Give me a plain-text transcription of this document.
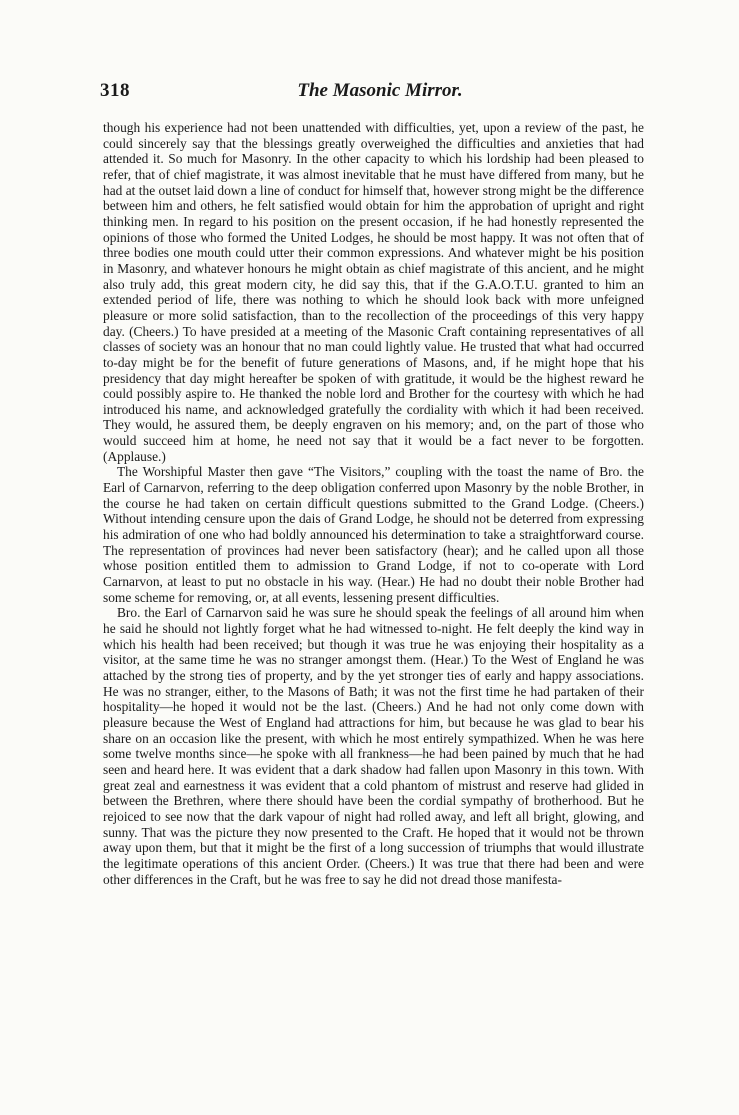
318	The Masonic Mirror.

though his experience had not been unattended with difficulties, yet, upon a review of the past, he could sincerely say that the blessings greatly overweighed the difficulties and anxieties that had attended it. So much for Masonry. In the other capacity to which his lordship had been pleased to refer, that of chief magistrate, it was almost inevitable that he must have differed from many, but he had at the outset laid down a line of conduct for himself that, however strong might be the difference between him and others, he felt satisfied would obtain for him the approbation of upright and right thinking men. In regard to his position on the present occasion, if he had honestly represented the opinions of those who formed the United Lodges, he should be most happy. It was not often that of three bodies one mouth could utter their common expressions. And whatever might be his position in Masonry, and whatever honours he might obtain as chief magistrate of this ancient, and he might also truly add, this great modern city, he did say this, that if the G.A.O.T.U. granted to him an extended period of life, there was nothing to which he should look back with more unfeigned pleasure or more solid satisfaction, than to the recollection of the proceedings of this very happy day. (Cheers.) To have presided at a meeting of the Masonic Craft containing representatives of all classes of society was an honour that no man could lightly value. He trusted that what had occurred to-day might be for the benefit of future generations of Masons, and, if he might hope that his presidency that day might hereafter be spoken of with gratitude, it would be the highest reward he could possibly aspire to. He thanked the noble lord and Brother for the courtesy with which he had introduced his name, and acknowledged gratefully the cordiality with which it had been received. They would, he assured them, be deeply engraven on his memory; and, on the part of those who would succeed him at home, he need not say that it would be a fact never to be forgotten. (Applause.)

The Worshipful Master then gave “The Visitors,” coupling with the toast the name of Bro. the Earl of Carnarvon, referring to the deep obligation conferred upon Masonry by the noble Brother, in the course he had taken on certain difficult questions submitted to the Grand Lodge. (Cheers.) Without intending censure upon the dais of Grand Lodge, he should not be deterred from expressing his admiration of one who had boldly announced his determination to take a straightforward course. The representation of provinces had never been satisfactory (hear); and he called upon all those whose position entitled them to admission to Grand Lodge, if not to co-operate with Lord Carnarvon, at least to put no obstacle in his way. (Hear.) He had no doubt their noble Brother had some scheme for removing, or, at all events, lessening present difficulties.

Bro. the Earl of Carnarvon said he was sure he should speak the feelings of all around him when he said he should not lightly forget what he had witnessed to-night. He felt deeply the kind way in which his health had been received; but though it was true he was enjoying their hospitality as a visitor, at the same time he was no stranger amongst them. (Hear.) To the West of England he was attached by the strong ties of property, and by the yet stronger ties of early and happy associations. He was no stranger, either, to the Masons of Bath; it was not the first time he had partaken of their hospitality—he hoped it would not be the last. (Cheers.) And he had not only come down with pleasure because the West of England had attractions for him, but because he was glad to bear his share on an occasion like the present, with which he most entirely sympathized. When he was here some twelve months since—he spoke with all frankness—he had been pained by much that he had seen and heard here. It was evident that a dark shadow had fallen upon Masonry in this town. With great zeal and earnestness it was evident that a cold phantom of mistrust and reserve had glided in between the Brethren, where there should have been the cordial sympathy of brotherhood. But he rejoiced to see now that the dark vapour of night had rolled away, and left all bright, glowing, and sunny. That was the picture they now presented to the Craft. He hoped that it would not be thrown away upon them, but that it might be the first of a long succession of triumphs that would illustrate the legitimate operations of this ancient Order. (Cheers.) It was true that there had been and were other differences in the Craft, but he was free to say he did not dread those manifesta-
